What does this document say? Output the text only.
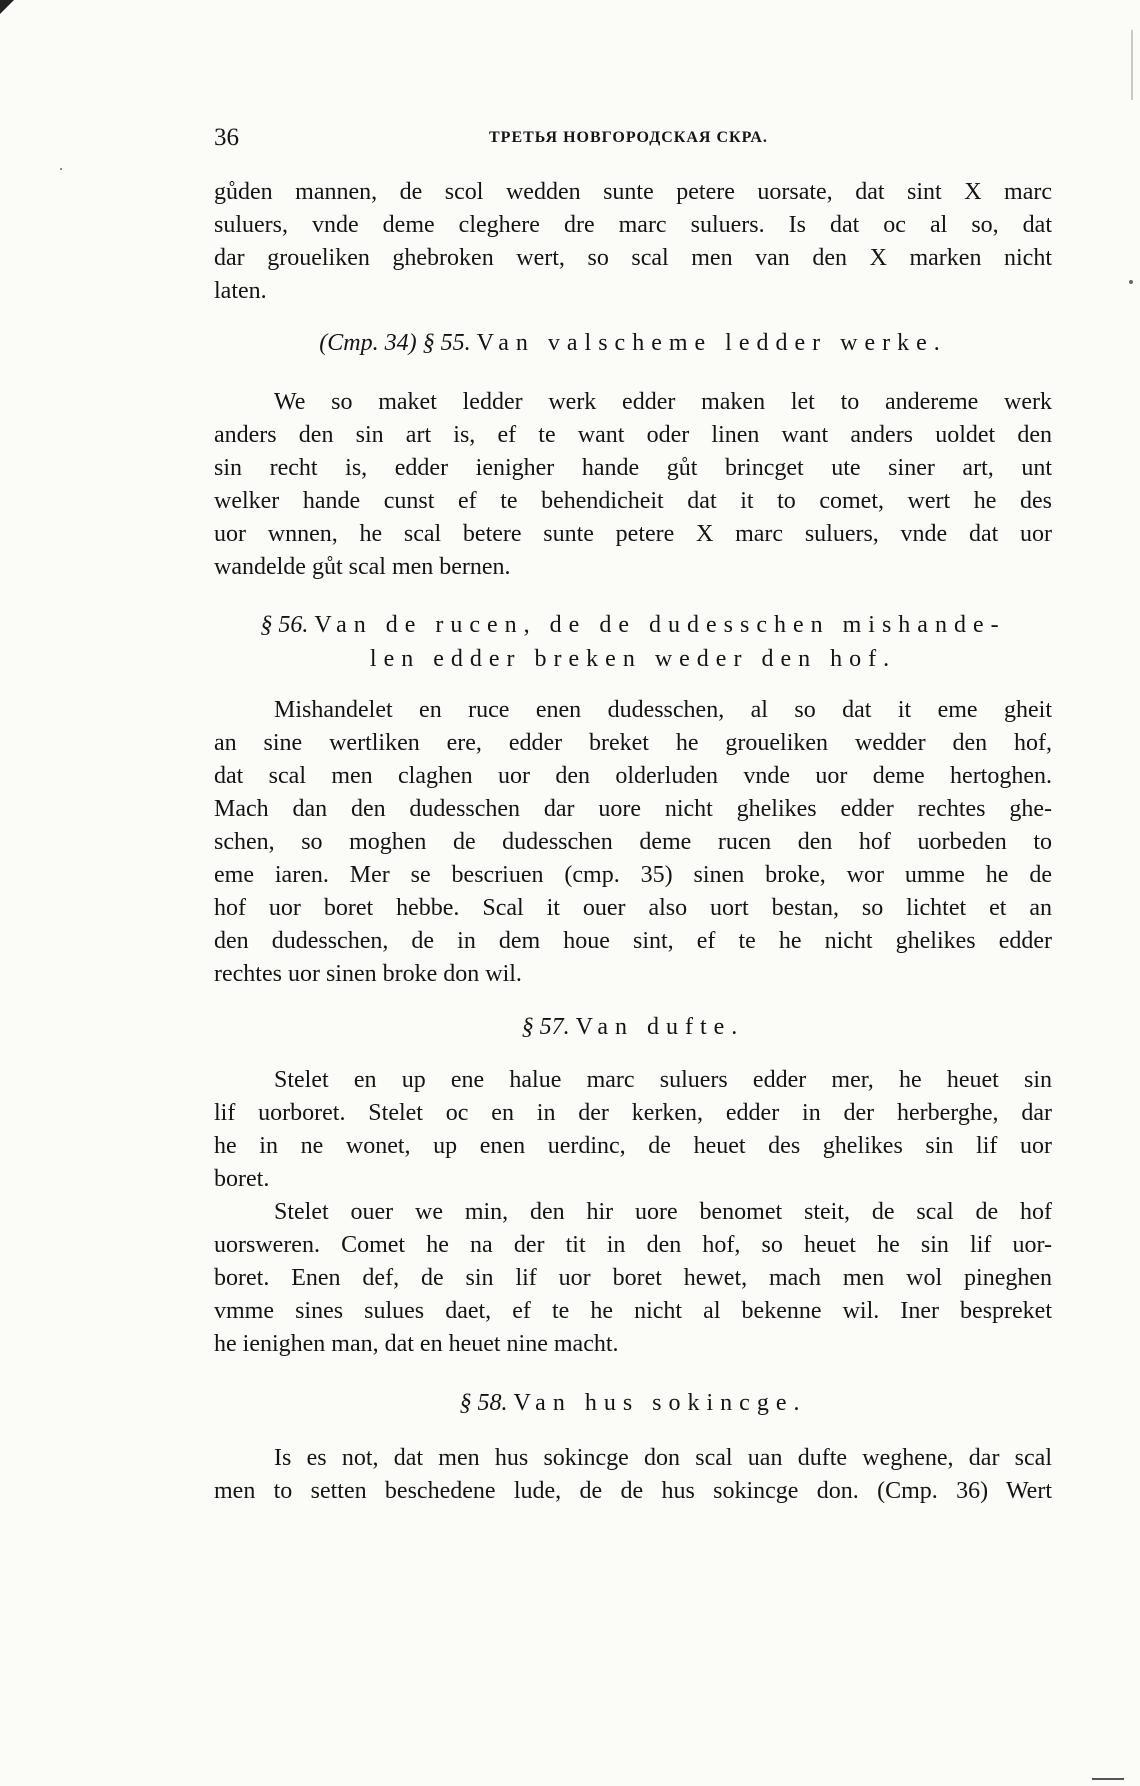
36	ТРЕТЬЯ НОВГОРОДСКАЯ СКРА.
gůden mannen, de scol wedden sunte petere uorsate, dat sint X marc
suluers, vnde deme cleghere dre marc suluers. Is dat oc al so, dat
dar groueliken ghebroken wert, so scal men van den X marken nicht
laten.
(Cmp. 34) § 55. Van valscheme ledder werke.
We so maket ledder werk edder maken let to andereme werk
anders den sin art is, ef te want oder linen want anders uoldet den
sin recht is, edder ienigher hande gůt brincget ute siner art, unt
welker hande cunst ef te behendicheit dat it to comet, wert he des
uor wnnen, he scal betere sunte petere X marc suluers, vnde dat uor
wandelde gůt scal men bernen.
§ 56. Van de rucen, de de dudesschen mishande-
len edder breken weder den hof.
Mishandelet en ruce enen dudesschen, al so dat it eme gheit
an sine wertliken ere, edder breket he groueliken wedder den hof,
dat scal men claghen uor den olderluden vnde uor deme hertoghen.
Mach dan den dudesschen dar uore nicht ghelikes edder rechtes ghe-
schen, so moghen de dudesschen deme rucen den hof uorbeden to
eme iaren. Mer se bescriuen (cmp. 35) sinen broke, wor umme he de
hof uor boret hebbe. Scal it ouer also uort bestan, so lichtet et an
den dudesschen, de in dem houe sint, ef te he nicht ghelikes edder
rechtes uor sinen broke don wil.
§ 57. Van dufte.
Stelet en up ene halue marc suluers edder mer, he heuet sin
lif uorboret. Stelet oc en in der kerken, edder in der herberghe, dar
he in ne wonet, up enen uerdinc, de heuet des ghelikes sin lif uor
boret.
Stelet ouer we min, den hir uore benomet steit, de scal de hof
uorsweren. Comet he na der tit in den hof, so heuet he sin lif uor-
boret. Enen def, de sin lif uor boret hewet, mach men wol pineghen
vmme sines sulues daet, ef te he nicht al bekenne wil. Iner bespreket
he ienighen man, dat en heuet nine macht.
§ 58. Van hus sokincge.
Is es not, dat men hus sokincge don scal uan dufte weghene, dar scal
men to setten beschedene lude, de de hus sokincge don. (Cmp. 36) Wert
